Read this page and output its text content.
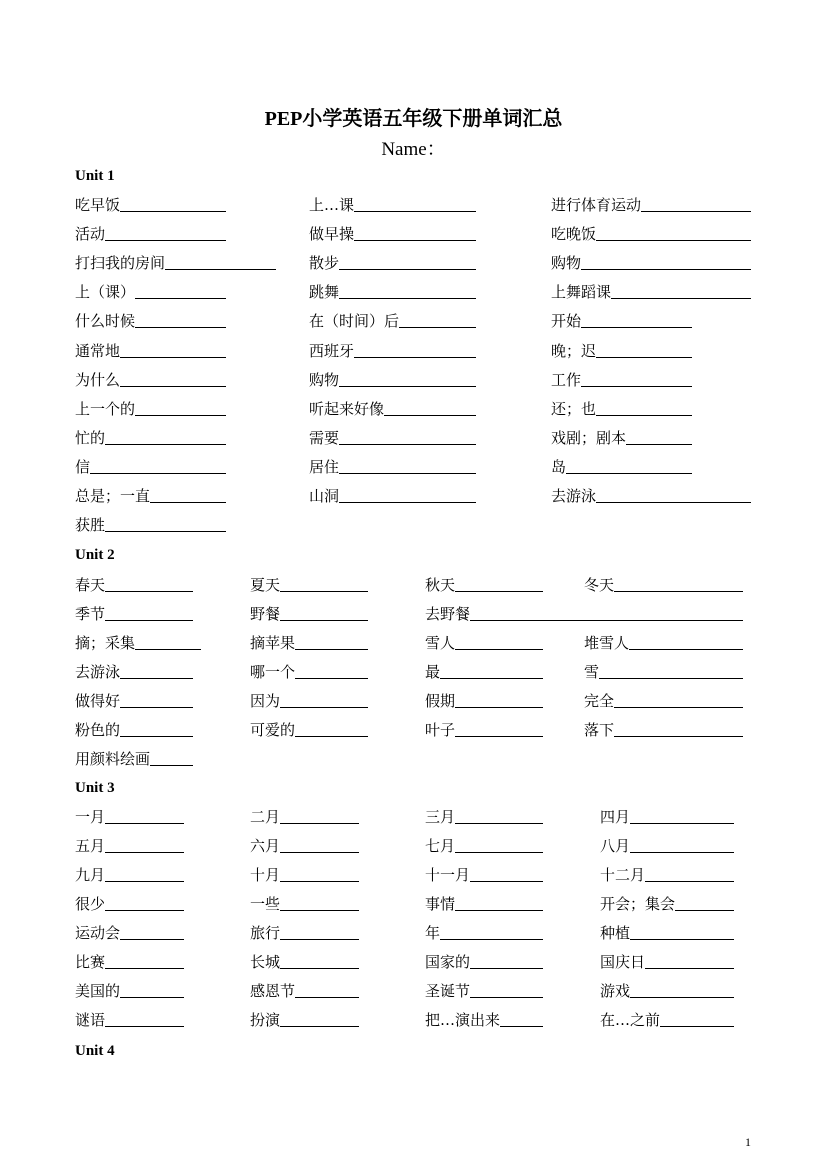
PEP小学英语五年级下册单词汇总
Name：
Unit 1
吃早饭	上…课	进行体育运动
活动	做早操	吃晚饭
打扫我的房间	散步	购物
上（课）	跳舞	上舞蹈课
什么时候	在（时间）后	开始
通常地	西班牙	晚；迟
为什么	购物	工作
上一个的	听起来好像	还；也
忙的	需要	戏剧；剧本
信	居住	岛
总是；一直	山洞	去游泳
获胜
Unit 2
春天	夏天	秋天	冬天
季节	野餐	去野餐
摘；采集	摘苹果	雪人	堆雪人
去游泳	哪一个	最	雪
做得好	因为	假期	完全
粉色的	可爱的	叶子	落下
用颜料绘画
Unit 3
一月	二月	三月	四月
五月	六月	七月	八月
九月	十月	十一月	十二月
很少	一些	事情	开会；集会
运动会	旅行	年	种植
比赛	长城	国家的	国庆日
美国的	感恩节	圣诞节	游戏
谜语	扮演	把…演出来	在…之前
Unit 4
1
